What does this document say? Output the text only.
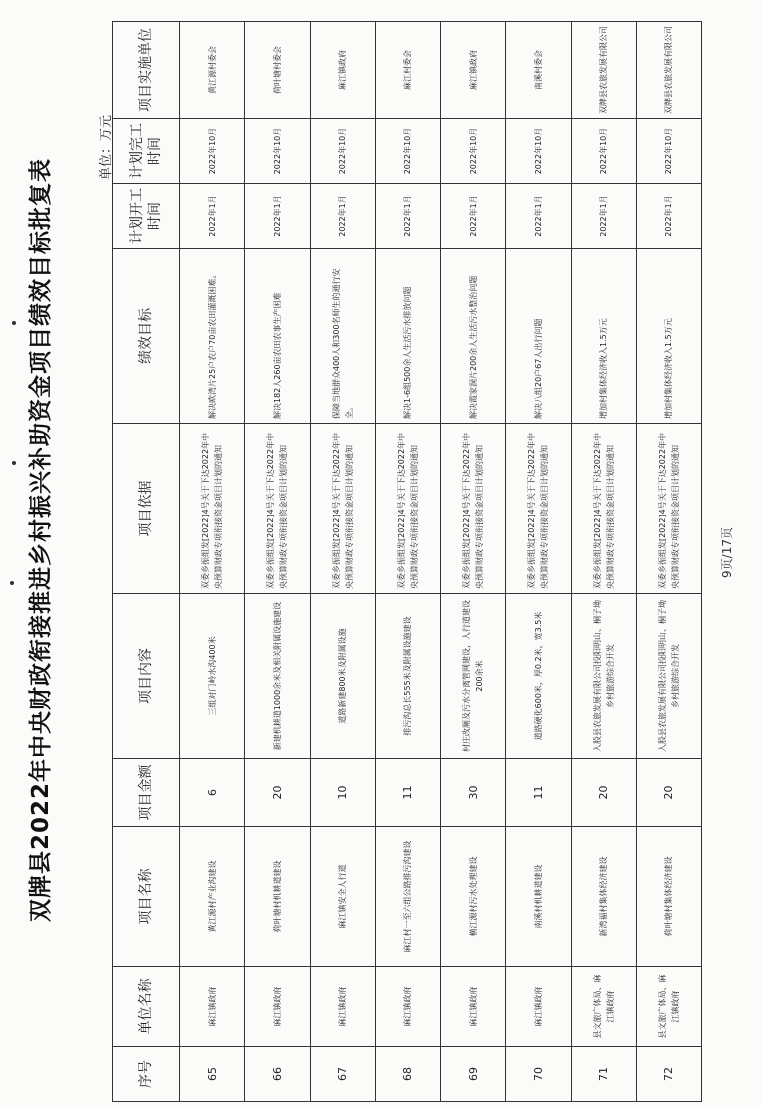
双牌县2022年中央财政衔接推进乡村振兴补助资金项目绩效目标批复表
单位：万元
序号	单位名称	项目名称	项目金额	项目内容	项目依据	绩效目标	计划开工时间	计划完工时间	项目实施单位
65	麻江镇政府	黄江源村产业沟建设	6	三组对门岭水沟400米	双委乡振组发[2022]4号关于下达2022年中央预算财政专项衔接资金项目计划的通知	解决欧湾片25户农户70亩农田灌溉困难。	2022年1月	2022年10月	黄江源村委会
66	麻江镇政府	荷叶塘村机耕道建设	20	新建机耕道1000余米及相关附属设施建设	双委乡振组发[2022]4号关于下达2022年中央预算财政专项衔接资金项目计划的通知	解决182人260亩农田农事生产困难	2022年1月	2022年10月	荷叶塘村委会
67	麻江镇政府	麻江镇安全人行道	10	道路新建800米及附属设施	双委乡振组发[2022]4号关于下达2022年中央预算财政专项衔接资金项目计划的通知	保障当地群众400人和300名师生的通行安全。	2022年1月	2022年10月	麻江镇政府
68	麻江镇政府	麻江村一至六组公路排污沟建设	11	排污沟总长555米及附属设施建设	双委乡振组发[2022]4号关于下达2022年中央预算财政专项衔接资金项目计划的通知	解决1-6组500余人生活污水排放问题	2022年1月	2022年10月	麻江村委会
69	麻江镇政府	横江源村污水处理建设	30	村庄改厕及污水分离管网建设，人行道建设200余米	双委乡振组发[2022]4号关于下达2022年中央预算财政专项衔接资金项目计划的通知	解决霞家洞片200余人生活污水整治问题	2022年1月	2022年10月	麻江镇政府
70	麻江镇政府	南溪村机耕道建设	11	道路硬化600米，厚0.2米，宽3.5米	双委乡振组发[2022]4号关于下达2022年中央预算财政专项衔接资金项目计划的通知	解决八组20户67人出行问题	2022年1月	2022年10月	南溪村委会
71	县文旅广体局、麻江镇政府	新湾福村集体经济建设	20	入股县农旅发展有限公司投阳明山、桐子坳乡村旅游综合开发	双委乡振组发[2022]4号关于下达2022年中央预算财政专项衔接资金项目计划的通知	增加村集体经济收入1.5万元	2022年1月	2022年10月	双牌县农旅发展有限公司
72	县文旅广体局、麻江镇政府	荷叶塘村集体经济建设	20	入股县农旅发展有限公司投阳明山、桐子坳乡村旅游综合开发	双委乡振组发[2022]4号关于下达2022年中央预算财政专项衔接资金项目计划的通知	增加村集体经济收入1.5万元	2022年1月	2022年10月	双牌县农旅发展有限公司
9页/17页
